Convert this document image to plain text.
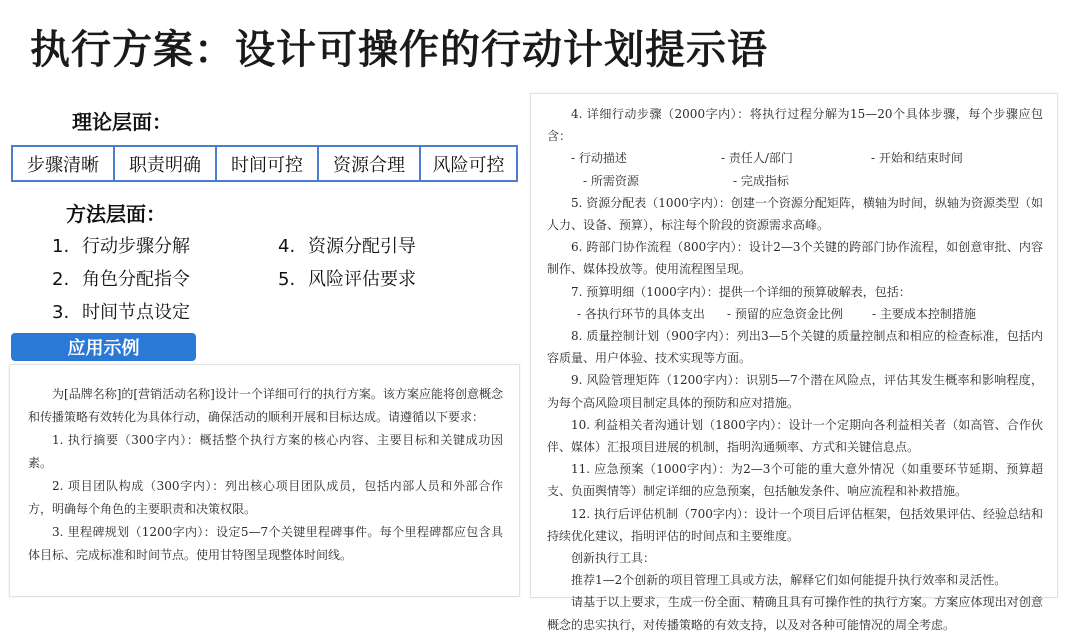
执行方案：设计可操作的行动计划提示语
理论层面：
步骤清晰	职责明确	时间可控	资源合理	风险可控
方法层面：
1. 行动步骤分解
2. 角色分配指令
3. 时间节点设定
4. 资源分配引导
5. 风险评估要求
应用示例

为[品牌名称]的[营销活动名称]设计一个详细可行的执行方案。该方案应能将创意概念和传播策略有效转化为具体行动，确保活动的顺利开展和目标达成。请遵循以下要求：

1. 执行摘要（300字内）：概括整个执行方案的核心内容、主要目标和关键成功因素。

2. 项目团队构成（300字内）：列出核心项目团队成员，包括内部人员和外部合作方，明确每个角色的主要职责和决策权限。

3. 里程碑规划（1200字内）：设定5—7个关键里程碑事件。每个里程碑都应包含具体目标、完成标准和时间节点。使用甘特图呈现整体时间线。

4. 详细行动步骤（2000字内）：将执行过程分解为15—20个具体步骤，每个步骤应包含：

- 行动描述	- 责任人/部门	- 开始和结束时间
- 所需资源	- 完成指标

5. 资源分配表（1000字内）：创建一个资源分配矩阵，横轴为时间，纵轴为资源类型（如人力、设备、预算），标注每个阶段的资源需求高峰。

6. 跨部门协作流程（800字内）：设计2—3个关键的跨部门协作流程，如创意审批、内容制作、媒体投放等。使用流程图呈现。

7. 预算明细（1000字内）：提供一个详细的预算破解表，包括：

- 各执行环节的具体支出	- 预留的应急资金比例	- 主要成本控制措施

8. 质量控制计划（900字内）：列出3—5个关键的质量控制点和相应的检查标准，包括内容质量、用户体验、技术实现等方面。

9. 风险管理矩阵（1200字内）：识别5—7个潜在风险点，评估其发生概率和影响程度，为每个高风险项目制定具体的预防和应对措施。

10. 利益相关者沟通计划（1800字内）：设计一个定期向各利益相关者（如高管、合作伙伴、媒体）汇报项目进展的机制，指明沟通频率、方式和关键信息点。

11. 应急预案（1000字内）：为2—3个可能的重大意外情况（如重要环节延期、预算超支、负面舆情等）制定详细的应急预案，包括触发条件、响应流程和补救措施。

12. 执行后评估机制（700字内）：设计一个项目后评估框架，包括效果评估、经验总结和持续优化建议，指明评估的时间点和主要维度。

创新执行工具：

推荐1—2个创新的项目管理工具或方法，解释它们如何能提升执行效率和灵活性。

请基于以上要求，生成一份全面、精确且具有可操作性的执行方案。方案应体现出对创意概念的忠实执行，对传播策略的有效支持，以及对各种可能情况的周全考虑。
